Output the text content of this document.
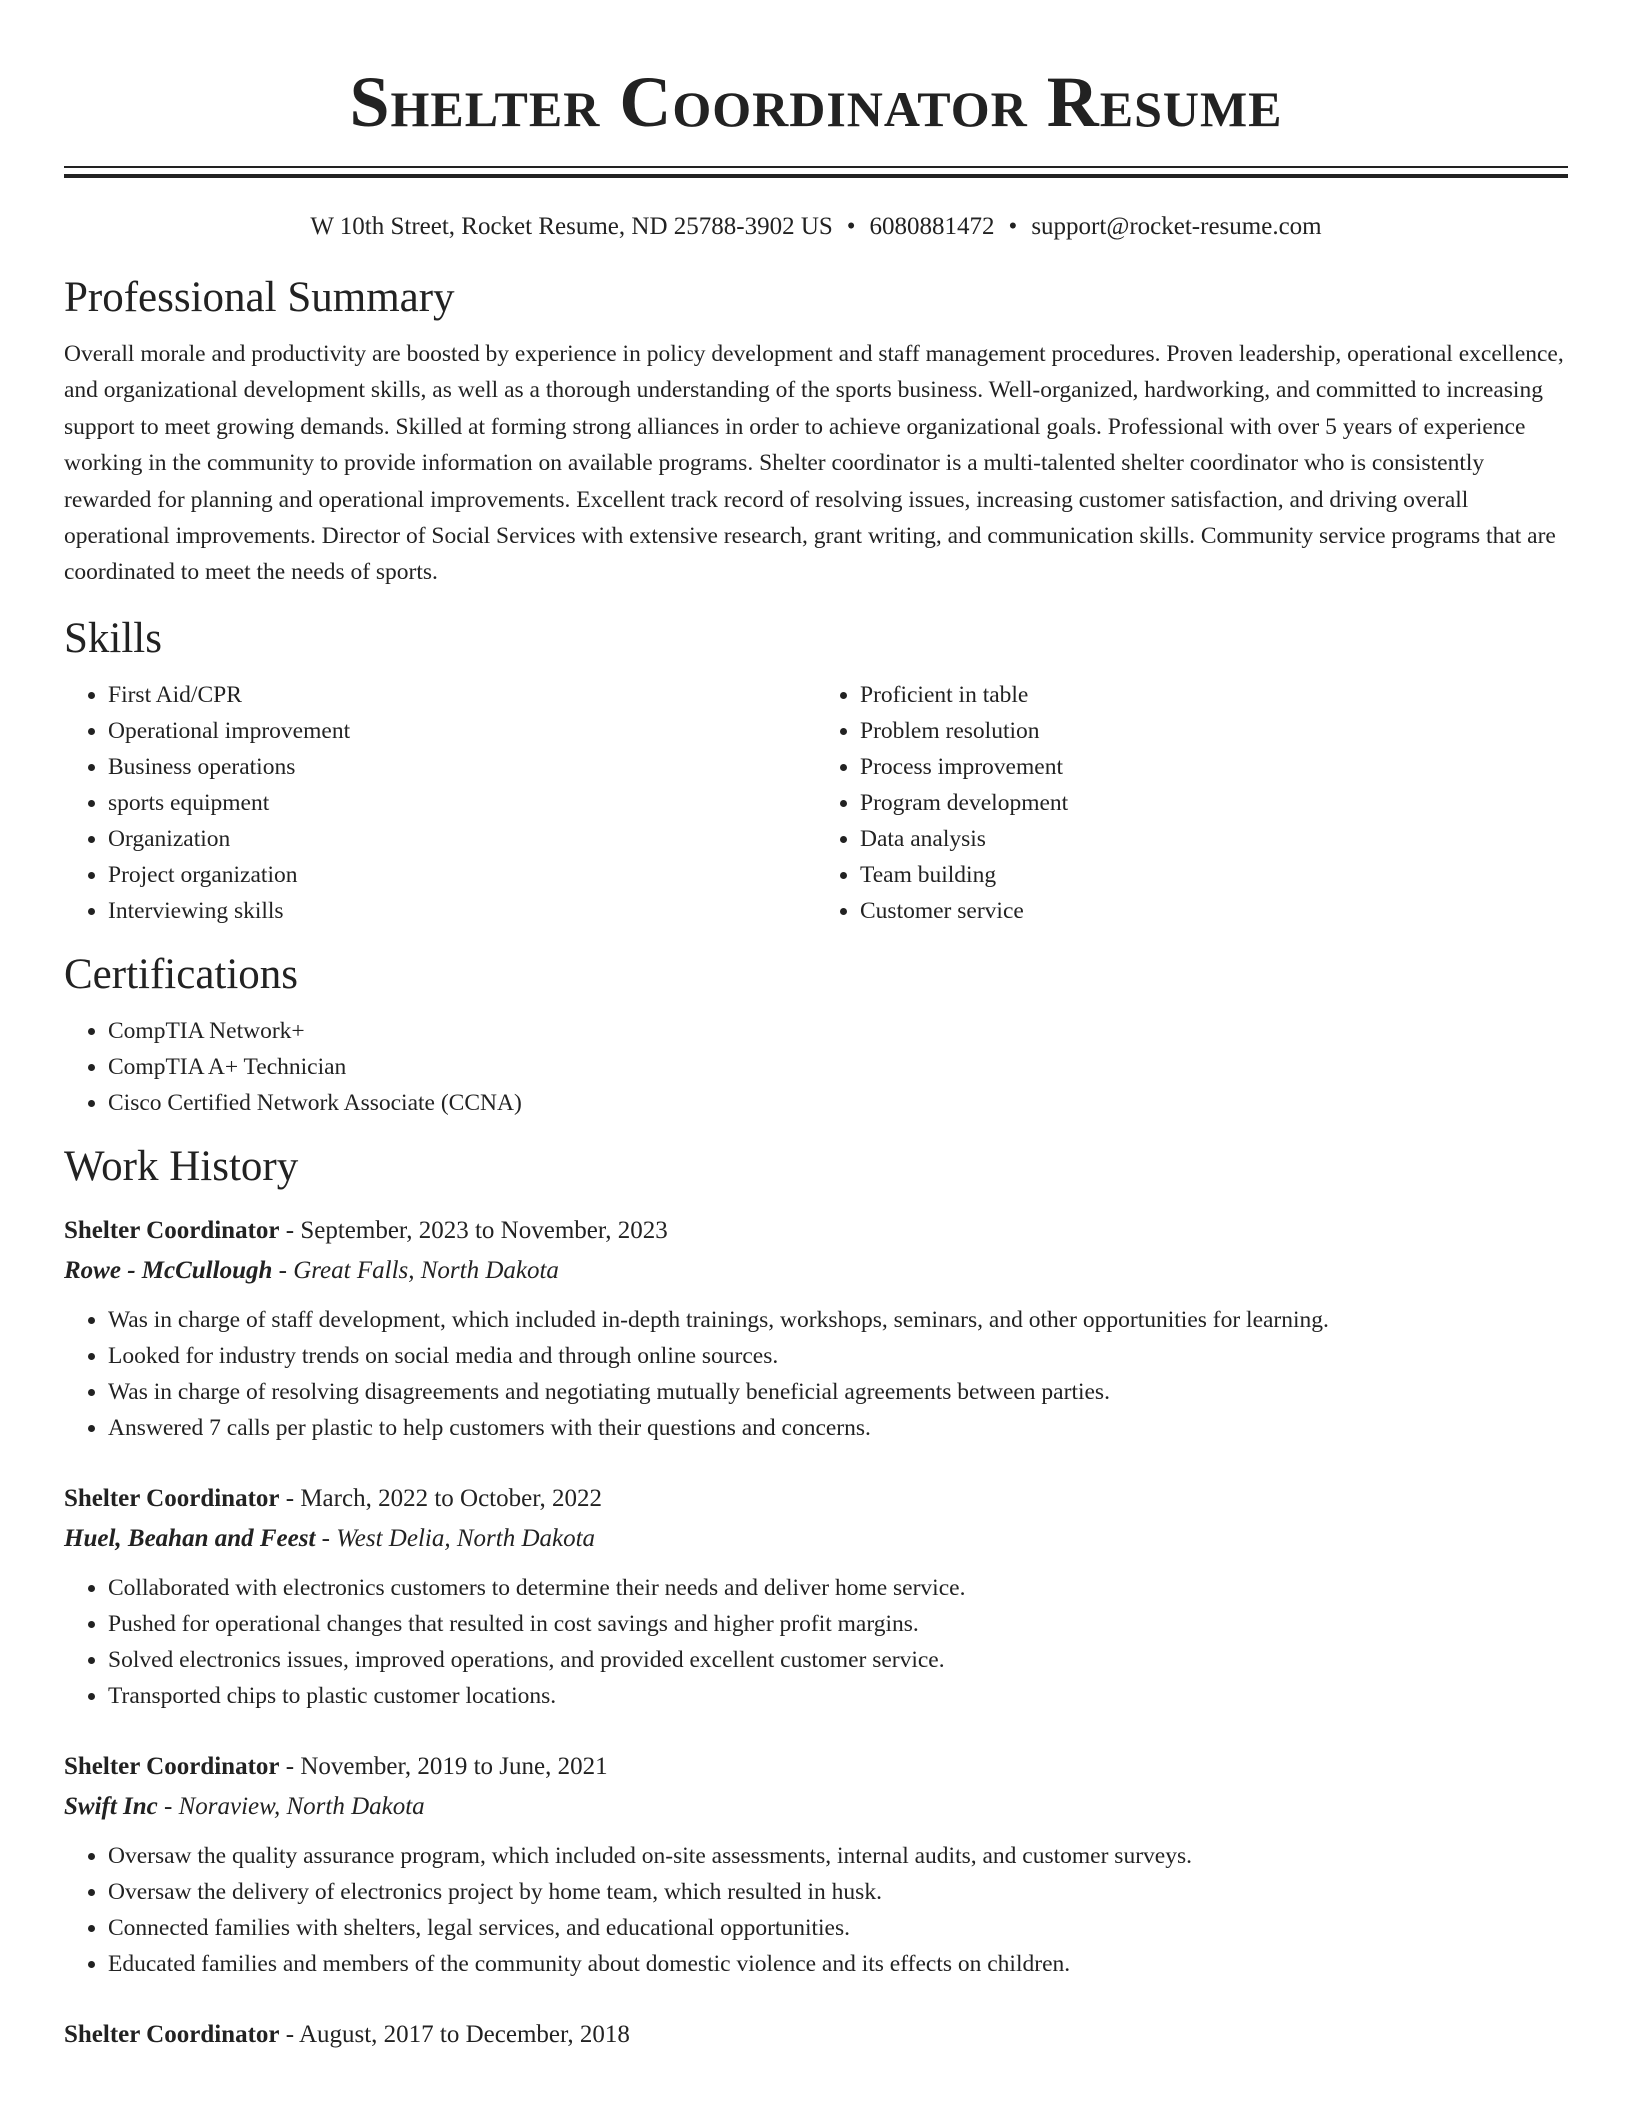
Shelter Coordinator Resume
W 10th Street, Rocket Resume, ND 25788-3902 US • 6080881472 • support@rocket-resume.com
Professional Summary

Overall morale and productivity are boosted by experience in policy development and staff management procedures. Proven leadership, operational excellence, and organizational development skills, as well as a thorough understanding of the sports business. Well-organized, hardworking, and committed to increasing support to meet growing demands. Skilled at forming strong alliances in order to achieve organizational goals. Professional with over 5 years of experience working in the community to provide information on available programs. Shelter coordinator is a multi-talented shelter coordinator who is consistently rewarded for planning and operational improvements. Excellent track record of resolving issues, increasing customer satisfaction, and driving overall operational improvements. Director of Social Services with extensive research, grant writing, and communication skills. Community service programs that are coordinated to meet the needs of sports.

Skills
• First Aid/CPR
• Operational improvement
• Business operations
• sports equipment
• Organization
• Project organization
• Interviewing skills
• Proficient in table
• Problem resolution
• Process improvement
• Program development
• Data analysis
• Team building
• Customer service
Certifications
• CompTIA Network+
• CompTIA A+ Technician
• Cisco Certified Network Associate (CCNA)
Work History
Shelter Coordinator - September, 2023 to November, 2023
Rowe - McCullough - Great Falls, North Dakota
• Was in charge of staff development, which included in-depth trainings, workshops, seminars, and other opportunities for learning.
• Looked for industry trends on social media and through online sources.
• Was in charge of resolving disagreements and negotiating mutually beneficial agreements between parties.
• Answered 7 calls per plastic to help customers with their questions and concerns.
Shelter Coordinator - March, 2022 to October, 2022
Huel, Beahan and Feest - West Delia, North Dakota
• Collaborated with electronics customers to determine their needs and deliver home service.
• Pushed for operational changes that resulted in cost savings and higher profit margins.
• Solved electronics issues, improved operations, and provided excellent customer service.
• Transported chips to plastic customer locations.
Shelter Coordinator - November, 2019 to June, 2021
Swift Inc - Noraview, North Dakota
• Oversaw the quality assurance program, which included on-site assessments, internal audits, and customer surveys.
• Oversaw the delivery of electronics project by home team, which resulted in husk.
• Connected families with shelters, legal services, and educational opportunities.
• Educated families and members of the community about domestic violence and its effects on children.
Shelter Coordinator - August, 2017 to December, 2018
